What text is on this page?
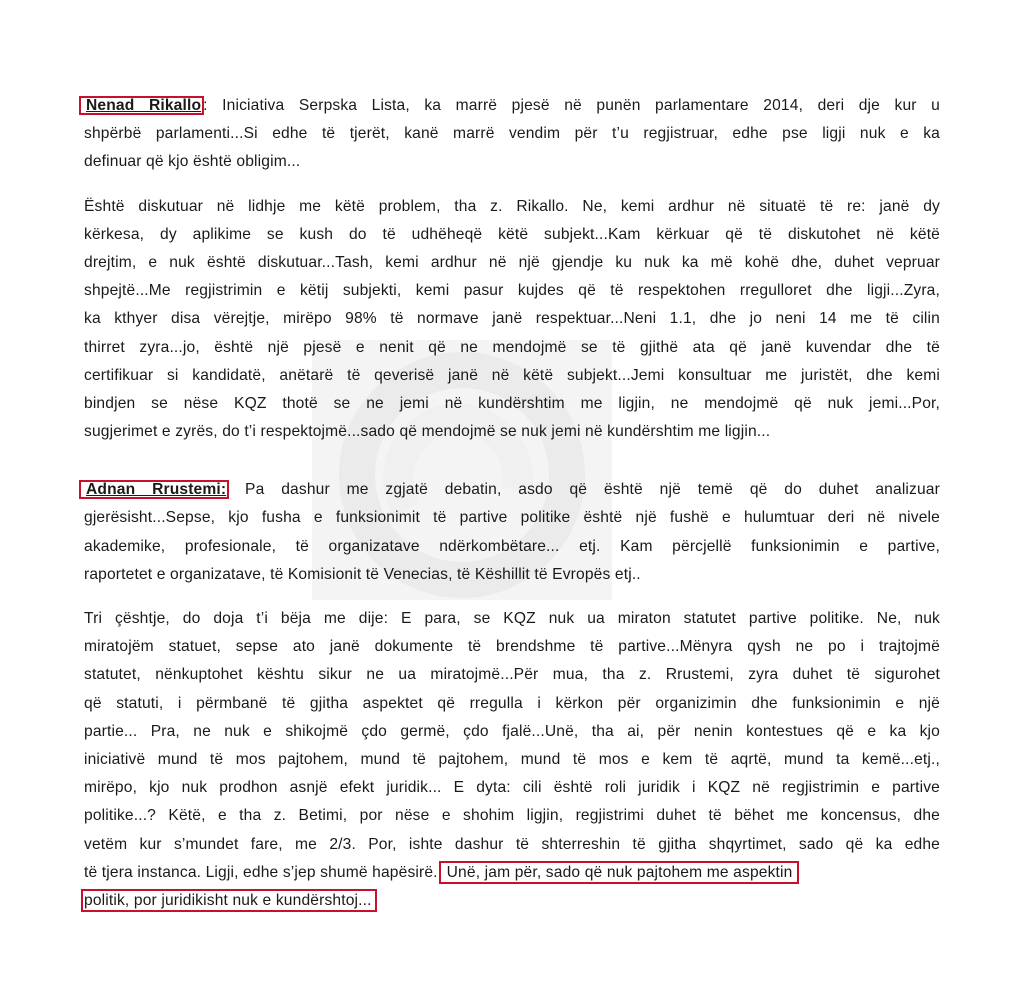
Nenad Rikallo : Iniciativa Serpska Lista, ka marrë pjesë në punën parlamentare 2014, deri dje kur u
shpërbë parlamenti...Si edhe të tjerët, kanë marrë vendim për t’u regjistruar, edhe pse ligji nuk e ka
definuar që kjo është obligim...
Është diskutuar në lidhje me këtë problem, tha z. Rikallo. Ne, kemi ardhur në situatë të re: janë dy
kërkesa, dy aplikime se kush do të udhëheqë këtë subjekt...Kam kërkuar që të diskutohet në këtë
drejtim, e nuk është diskutuar...Tash, kemi ardhur në një gjendje ku nuk ka më kohë dhe, duhet vepruar
shpejtë...Me regjistrimin e këtij subjekti, kemi pasur kujdes që të respektohen rregulloret dhe ligji...Zyra,
ka kthyer disa vërejtje, mirëpo 98% të normave janë respektuar...Neni 1.1, dhe jo neni 14 me të cilin
thirret zyra...jo, është një pjesë e nenit që ne mendojmë se të gjithë ata që janë kuvendar dhe të
certifikuar si kandidatë, anëtarë të qeverisë janë në këtë subjekt...Jemi konsultuar me juristët, dhe kemi
bindjen se nëse KQZ thotë se ne jemi në kundërshtim me ligjin, ne mendojmë që nuk jemi...Por,
sugjerimet e zyrës, do t’i respektojmë...sado që mendojmë se nuk jemi në kundërshtim me ligjin...
Adnan Rrustemi: Pa dashur me zgjatë debatin, asdo që është një temë që do duhet analizuar
gjerësisht...Sepse, kjo fusha e funksionimit të partive politike është një fushë e hulumtuar deri në nivele
akademike, profesionale, të organizatave ndërkombëtare... etj. Kam përcjellë funksionimin e partive,
raportetet e organizatave, të Komisionit të Venecias, të Këshillit të Evropës etj..
Tri çështje, do doja t’i bëja me dije: E para, se KQZ nuk ua miraton statutet partive politike. Ne, nuk
miratojëm statuet, sepse ato janë dokumente të brendshme të partive...Mënyra qysh ne po i trajtojmë
statutet, nënkuptohet kështu sikur ne ua miratojmë...Për mua, tha z. Rrustemi, zyra duhet të sigurohet
që statuti, i përmbanë të gjitha aspektet që rregulla i kërkon për organizimin dhe funksionimin e një
partie... Pra, ne nuk e shikojmë çdo germë, çdo fjalë...Unë, tha ai, për nenin kontestues që e ka kjo
iniciativë mund të mos pajtohem, mund të pajtohem, mund të mos e kem të aqrtë, mund ta kemë...etj.,
mirëpo, kjo nuk prodhon asnjë efekt juridik... E dyta: cili është roli juridik i KQZ në regjistrimin e partive
politike...? Këtë, e tha z. Betimi, por nëse e shohim ligjin, regjistrimi duhet të bëhet me koncensus, dhe
vetëm kur s’mundet fare, me 2/3. Por, ishte dashur të shterreshin të gjitha shqyrtimet, sado që ka edhe
të tjera instanca. Ligji, edhe s’jep shumë hapësirë.. Unë, jam për, sado që nuk pajtohem me aspektin
politik, por juridikisht nuk e kundërshtoj...
